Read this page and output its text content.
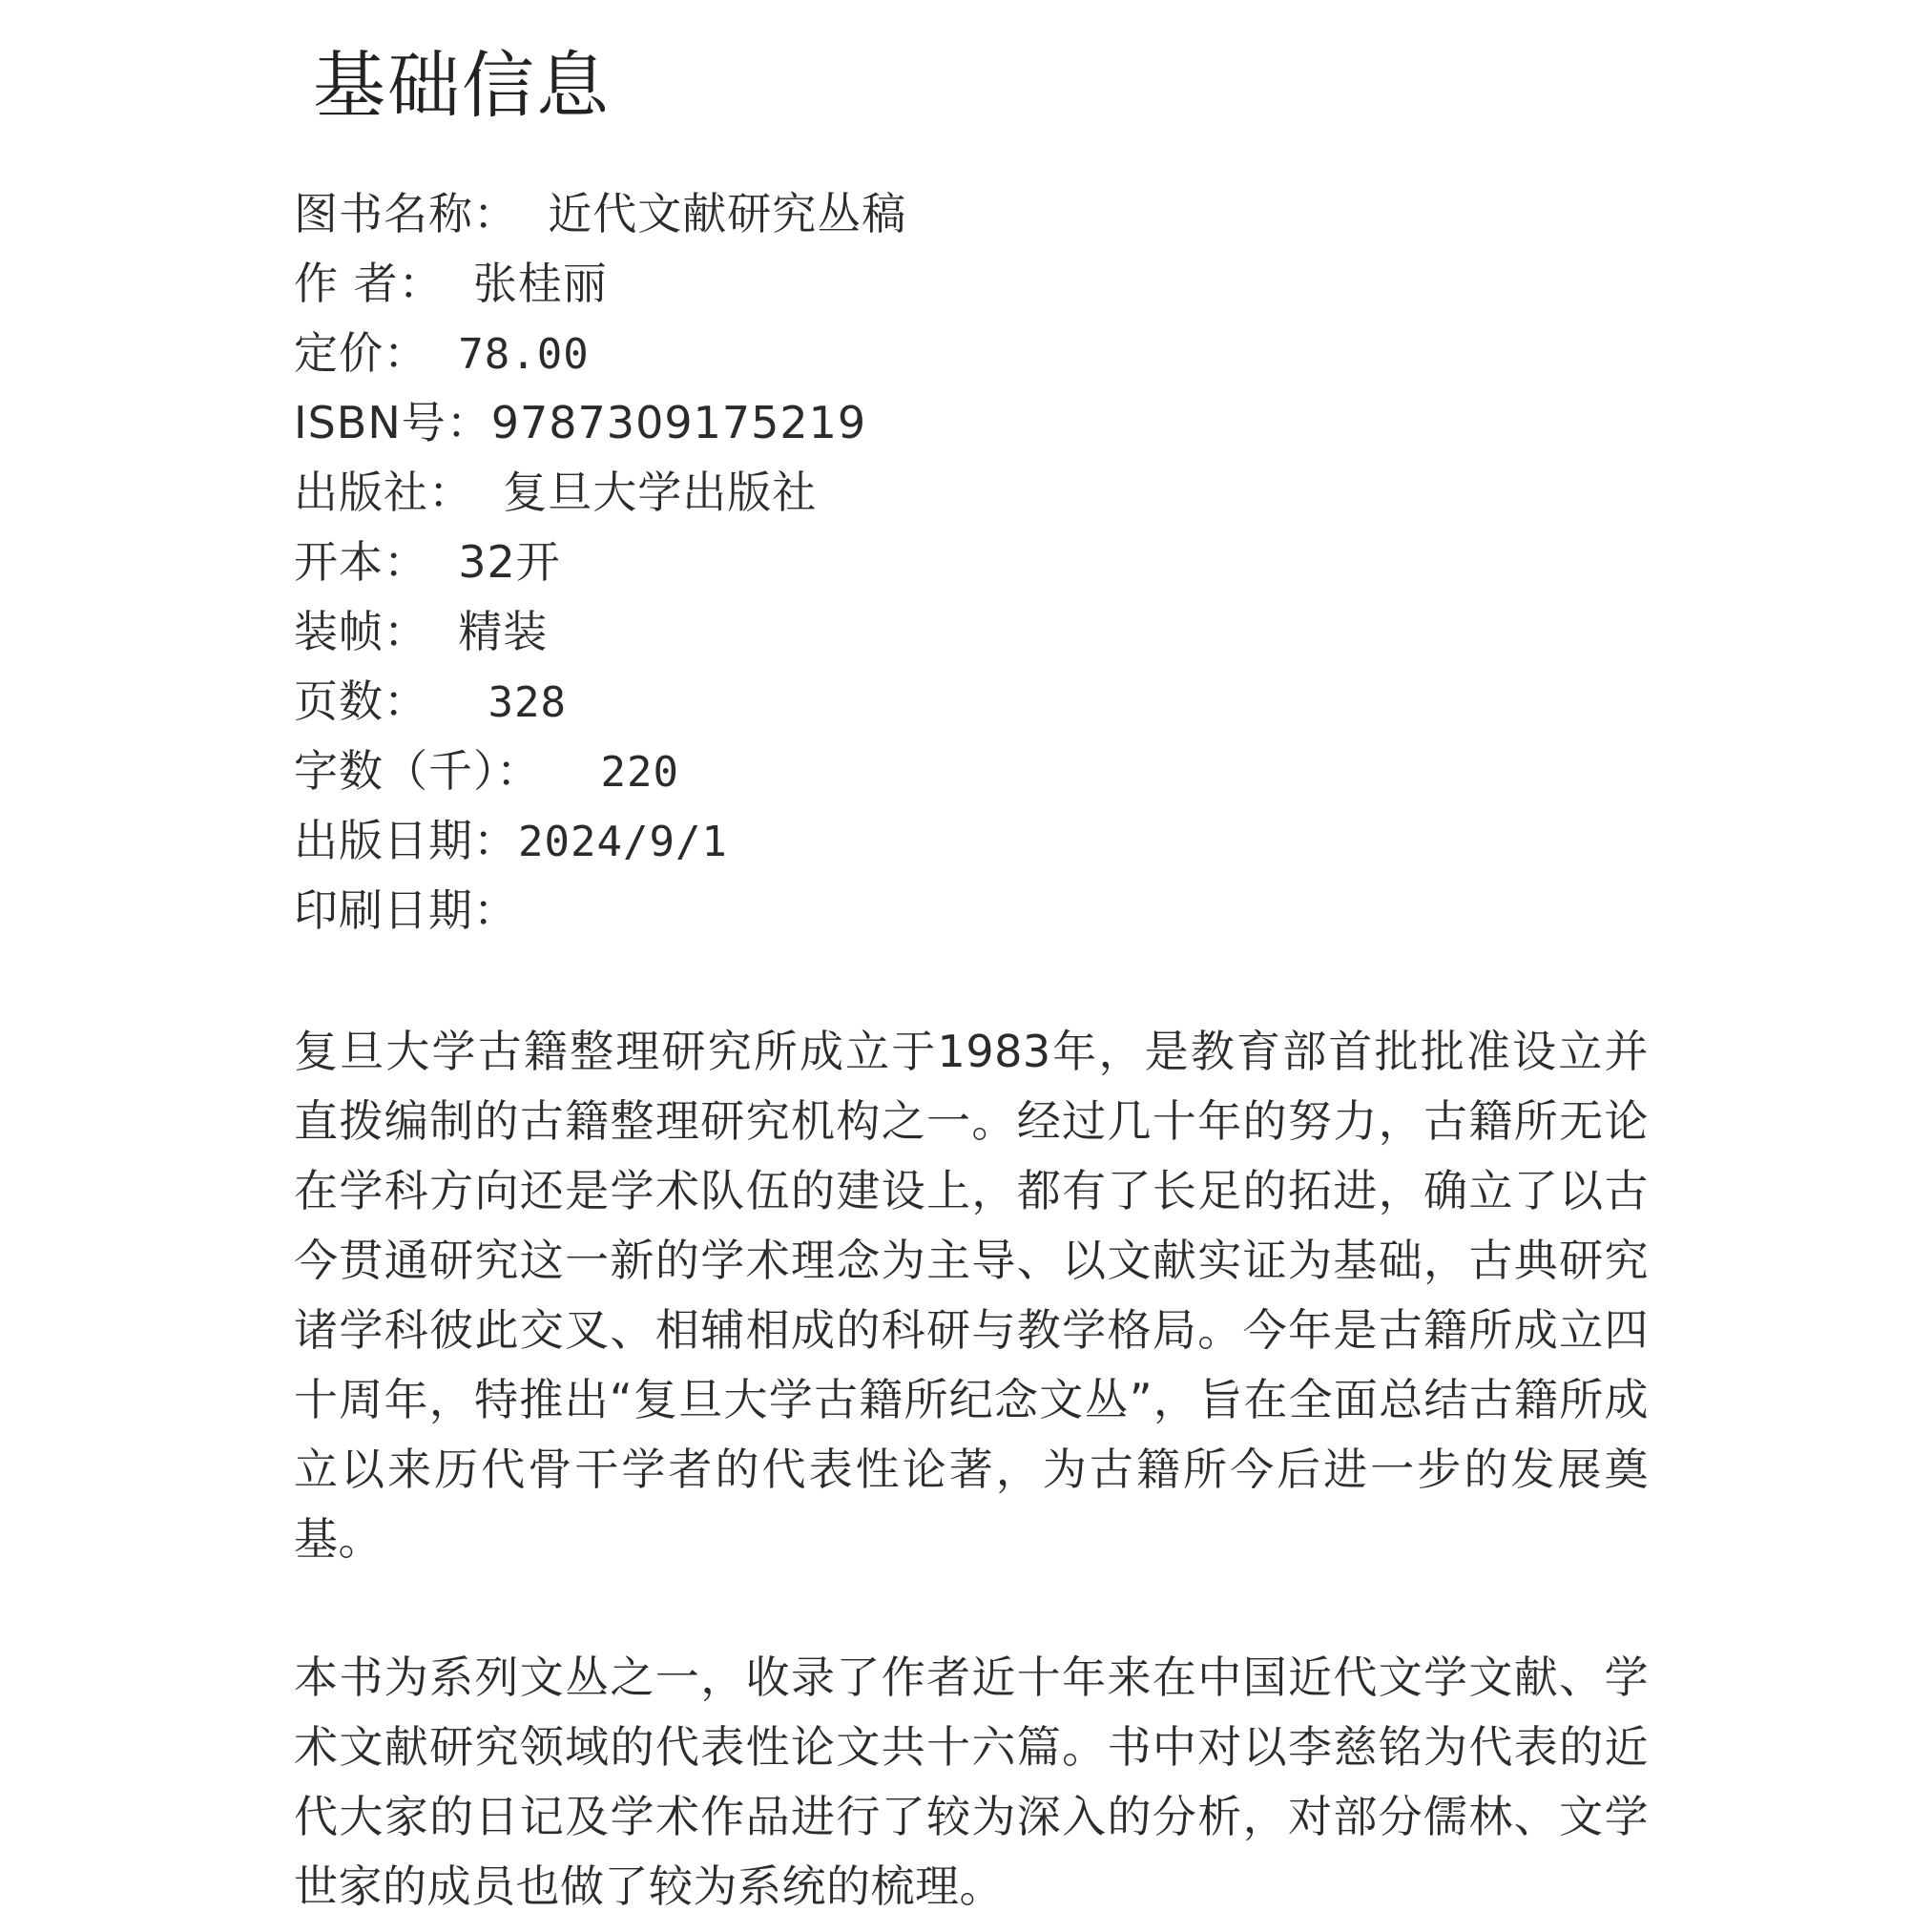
基础信息
图书名称： 近代文献研究丛稿
作 者： 张桂丽
定价： 78.00
ISBN号：9787309175219
出版社： 复旦大学出版社
开本： 32开
装帧： 精装
页数： 328
字数（千）： 220
出版日期：2024/9/1
印刷日期：
复旦大学古籍整理研究所成立于1983年，是教育部首批批准设立并直拨编制的古籍整理研究机构之一。经过几十年的努力，古籍所无论在学科方向还是学术队伍的建设上，都有了长足的拓进，确立了以古今贯通研究这一新的学术理念为主导、以文献实证为基础，古典研究诸学科彼此交叉、相辅相成的科研与教学格局。今年是古籍所成立四十周年，特推出“复旦大学古籍所纪念文丛”，旨在全面总结古籍所成立以来历代骨干学者的代表性论著，为古籍所今后进一步的发展奠基。
本书为系列文丛之一，收录了作者近十年来在中国近代文学文献、学术文献研究领域的代表性论文共十六篇。书中对以李慈铭为代表的近代大家的日记及学术作品进行了较为深入的分析，对部分儒林、文学世家的成员也做了较为系统的梳理。
